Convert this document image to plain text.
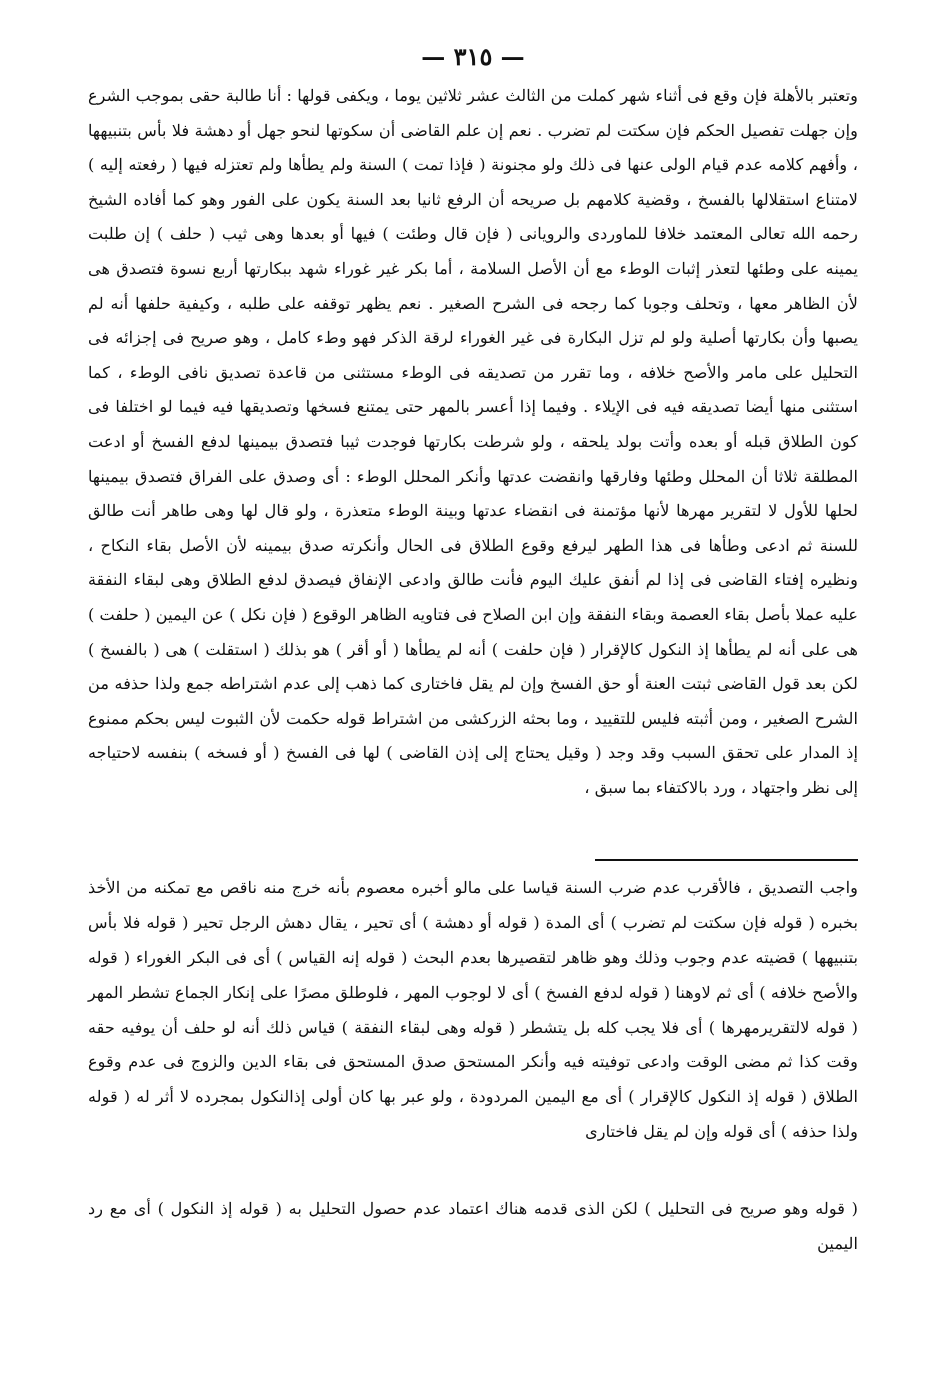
— ٣١٥ —

وتعتبر بالأهلة فإن وقع فى أثناء شهر كملت من الثالث عشر ثلاثين يوما ، ويكفى قولها : أنا طالبة حقى بموجب الشرع وإن جهلت تفصيل الحكم فإن سكتت لم تضرب . نعم إن علم القاضى أن سكوتها لنحو جهل أو دهشة فلا بأس بتنبيهها ، وأفهم كلامه عدم قيام الولى عنها فى ذلك ولو مجنونة ( فإذا تمت ) السنة ولم يطأها ولم تعتزله فيها ( رفعته إليه ) لامتناع استقلالها بالفسخ ، وقضية كلامهم بل صريحه أن الرفع ثانيا بعد السنة يكون على الفور وهو كما أفاده الشيخ رحمه الله تعالى المعتمد خلافا للماوردى والرويانى ( فإن قال وطئت ) فيها أو بعدها وهى ثيب ( حلف ) إن طلبت يمينه على وطئها لتعذر إثبات الوطء مع أن الأصل السلامة ، أما بكر غير غوراء شهد ببكارتها أربع نسوة فتصدق هى لأن الظاهر معها ، وتحلف وجوبا كما رجحه فى الشرح الصغير . نعم يظهر توقفه على طلبه ، وكيفية حلفها أنه لم يصبها وأن بكارتها أصلية ولو لم تزل البكارة فى غير الغوراء لرقة الذكر فهو وطء كامل ، وهو صريح فى إجزائه فى التحليل على مامر والأصح خلافه ، وما تقرر من تصديقه فى الوطء مستثنى من قاعدة تصديق نافى الوطء ، كما استثنى منها أيضا تصديقه فيه فى الإيلاء . وفيما إذا أعسر بالمهر حتى يمتنع فسخها وتصديقها فيه فيما لو اختلفا فى كون الطلاق قبله أو بعده وأتت بولد يلحقه ، ولو شرطت بكارتها فوجدت ثيبا فتصدق بيمينها لدفع الفسخ أو ادعت المطلقة ثلاثا أن المحلل وطئها وفارقها وانقضت عدتها وأنكر المحلل الوطء : أى وصدق على الفراق فتصدق بيمينها لحلها للأول لا لتقرير مهرها لأنها مؤتمنة فى انقضاء عدتها وبينة الوطء متعذرة ، ولو قال لها وهى طاهر أنت طالق للسنة ثم ادعى وطأها فى هذا الطهر ليرفع وقوع الطلاق فى الحال وأنكرته صدق بيمينه لأن الأصل بقاء النكاح ، ونظيره إفتاء القاضى فى إذا لم أنفق عليك اليوم فأنت طالق وادعى الإنفاق فيصدق لدفع الطلاق وهى لبقاء النفقة عليه عملا بأصل بقاء العصمة وبقاء النفقة وإن ابن الصلاح فى فتاويه الظاهر الوقوع ( فإن نكل ) عن اليمين ( حلفت ) هى على أنه لم يطأها إذ النكول كالإقرار ( فإن حلفت ) أنه لم يطأها ( أو أقر ) هو بذلك ( استقلت ) هى ( بالفسخ ) لكن بعد قول القاضى ثبتت العنة أو حق الفسخ وإن لم يقل فاختارى كما ذهب إلى عدم اشتراطه جمع ولذا حذفه من الشرح الصغير ، ومن أثبته فليس للتقييد ، وما بحثه الزركشى من اشتراط قوله حكمت لأن الثبوت ليس بحكم ممنوع إذ المدار على تحقق السبب وقد وجد ( وقيل يحتاج إلى إذن القاضى ) لها فى الفسخ ( أو فسخه ) بنفسه لاحتياجه إلى نظر واجتهاد ، ورد بالاكتفاء بما سبق ،

واجب التصديق ، فالأقرب عدم ضرب السنة قياسا على مالو أخبره معصوم بأنه خرج منه ناقص مع تمكنه من الأخذ بخبره ( قوله فإن سكتت لم تضرب ) أى المدة ( قوله أو دهشة ) أى تحير ، يقال دهش الرجل تحير ( قوله فلا بأس بتنبيهها ) قضيته عدم وجوب وذلك وهو ظاهر لتقصيرها بعدم البحث ( قوله إنه القياس ) أى فى البكر الغوراء ( قوله والأصح خلافه ) أى ثم لاوهنا ( قوله لدفع الفسخ ) أى لا لوجوب المهر ، فلوطلق مصرًا على إنكار الجماع تشطر المهر ( قوله لالتقريرمهرها ) أى فلا يجب كله بل يتشطر ( قوله وهى لبقاء النفقة ) قياس ذلك أنه لو حلف أن يوفيه حقه وقت كذا ثم مضى الوقت وادعى توفيته فيه وأنكر المستحق صدق المستحق فى بقاء الدين والزوج فى عدم وقوع الطلاق ( قوله إذ النكول كالإقرار ) أى مع اليمين المردودة ، ولو عبر بها كان أولى إذالنكول بمجرده لا أثر له ( قوله ولذا حذفه ) أى قوله وإن لم يقل فاختارى

( قوله وهو صريح فى التحليل ) لكن الذى قدمه هناك اعتماد عدم حصول التحليل به ( قوله إذ النكول ) أى مع رد اليمين
